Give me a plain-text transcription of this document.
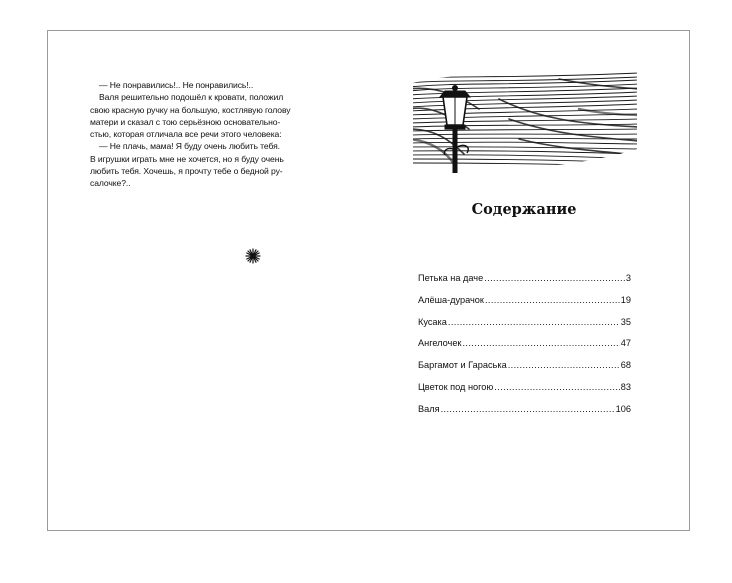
— Не понравились!.. Не понравились!..

Валя решительно подошёл к кровати, положил
свою красную ручку на большую, костлявую голову
матери и сказал с тою серьёзною основательно-
стью, которая отличала все речи этого человека:

— Не плачь, мама! Я буду очень любить тебя.
В игрушки играть мне не хочется, но я буду очень
любить тебя. Хочешь, я прочту тебе о бедной ру-
салочке?..

Содержание
Петька на даче .....	3
Алёша-дурачок .....	19
Кусака .....	35
Ангелочек .....	47
Баргамот и Гараська .....	68
Цветок под ногою .....	83
Валя .....	106
